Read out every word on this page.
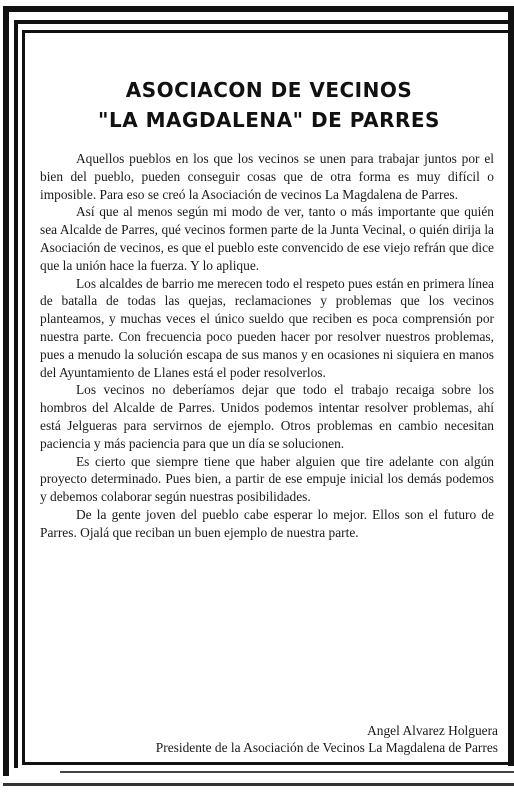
ASOCIACON DE VECINOS
"LA MAGDALENA" DE PARRES

Aquellos pueblos en los que los vecinos se unen para trabajar juntos por el bien del pueblo, pueden conseguir cosas que de otra forma es muy difícil o imposible. Para eso se creó la Asociación de vecinos La Magdalena de Parres.

Así que al menos según mi modo de ver, tanto o más importante que quién sea Alcalde de Parres, qué vecinos formen parte de la Junta Vecinal, o quién dirija la Asociación de vecinos, es que el pueblo este convencido de ese viejo refrán que dice que la unión hace la fuerza. Y lo aplique.

Los alcaldes de barrio me merecen todo el respeto pues están en primera línea de batalla de todas las quejas, reclamaciones y problemas que los vecinos planteamos, y muchas veces el único sueldo que reciben es poca comprensión por nuestra parte. Con frecuencia poco pueden hacer por resolver nuestros problemas, pues a menudo la solución escapa de sus manos y en ocasiones ni siquiera en manos del Ayuntamiento de Llanes está el poder resolverlos.

Los vecinos no deberíamos dejar que todo el trabajo recaiga sobre los hombros del Alcalde de Parres. Unidos podemos intentar resolver problemas, ahí está Jelgueras para servirnos de ejemplo. Otros problemas en cambio necesitan paciencia y más paciencia para que un día se solucionen.

Es cierto que siempre tiene que haber alguien que tire adelante con algún proyecto determinado. Pues bien, a partir de ese empuje inicial los demás podemos y debemos colaborar según nuestras posibilidades.

De la gente joven del pueblo cabe esperar lo mejor. Ellos son el futuro de Parres. Ojalá que reciban un buen ejemplo de nuestra parte.

Angel Alvarez Holguera
Presidente de la Asociación de Vecinos La Magdalena de Parres
